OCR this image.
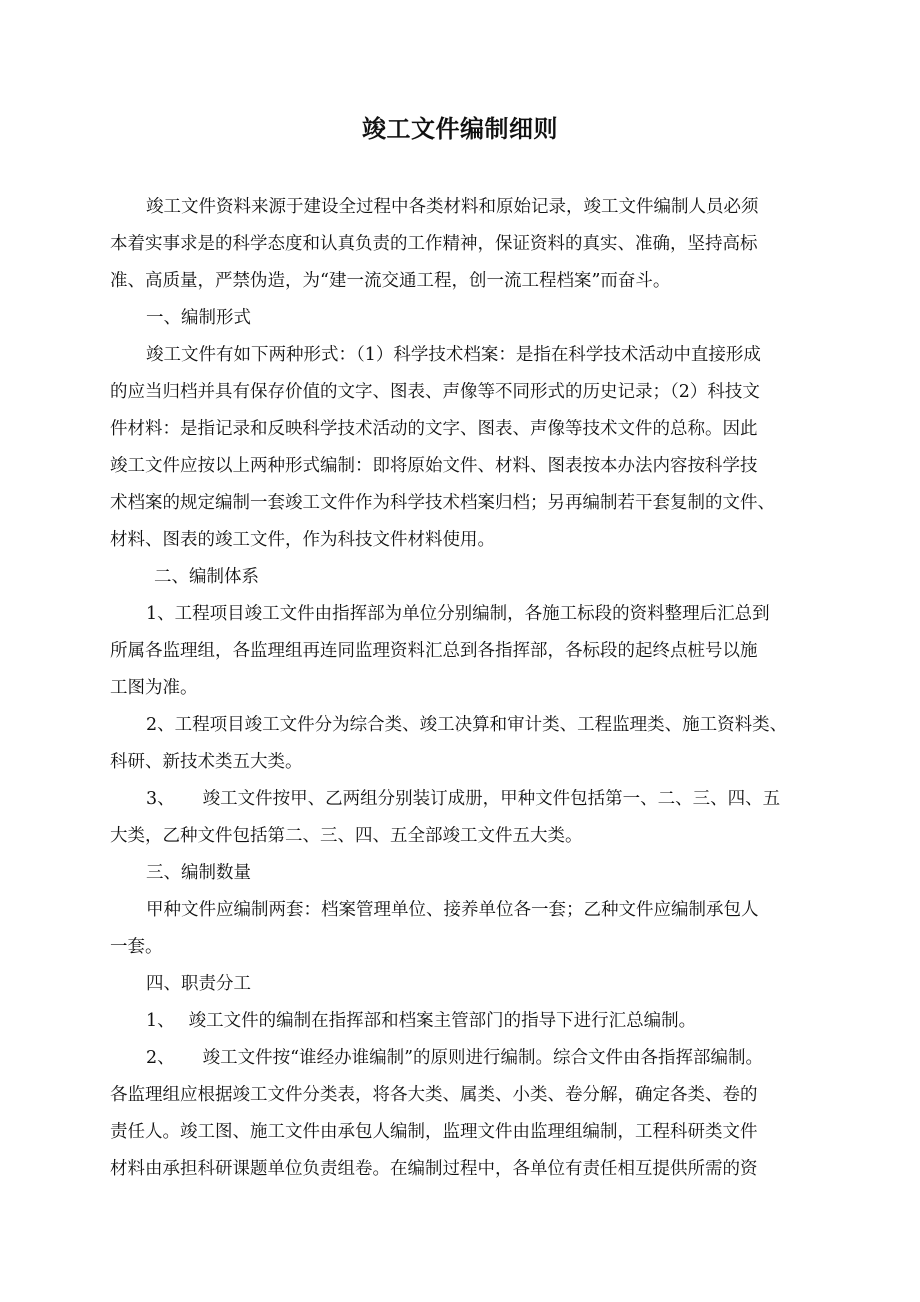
竣工文件编制细则
竣工文件资料来源于建设全过程中各类材料和原始记录，竣工文件编制人员必须
本着实事求是的科学态度和认真负责的工作精神，保证资料的真实、准确，坚持高标
准、高质量，严禁伪造，为“建一流交通工程，创一流工程档案”而奋斗。
一、编制形式
竣工文件有如下两种形式：（1）科学技术档案：是指在科学技术活动中直接形成
的应当归档并具有保存价值的文字、图表、声像等不同形式的历史记录；（2）科技文
件材料：是指记录和反映科学技术活动的文字、图表、声像等技术文件的总称。因此
竣工文件应按以上两种形式编制：即将原始文件、材料、图表按本办法内容按科学技
术档案的规定编制一套竣工文件作为科学技术档案归档；另再编制若干套复制的文件、
材料、图表的竣工文件，作为科技文件材料使用。
二、编制体系
1、工程项目竣工文件由指挥部为单位分别编制，各施工标段的资料整理后汇总到
所属各监理组，各监理组再连同监理资料汇总到各指挥部，各标段的起终点桩号以施
工图为准。
2、工程项目竣工文件分为综合类、竣工决算和审计类、工程监理类、施工资料类、
科研、新技术类五大类。
3、 竣工文件按甲、乙两组分别装订成册，甲种文件包括第一、二、三、四、五
大类，乙种文件包括第二、三、四、五全部竣工文件五大类。
三、编制数量
甲种文件应编制两套：档案管理单位、接养单位各一套；乙种文件应编制承包人
一套。
四、职责分工
1、 竣工文件的编制在指挥部和档案主管部门的指导下进行汇总编制。
2、 竣工文件按“谁经办谁编制”的原则进行编制。综合文件由各指挥部编制。
各监理组应根据竣工文件分类表，将各大类、属类、小类、卷分解，确定各类、卷的
责任人。竣工图、施工文件由承包人编制，监理文件由监理组编制，工程科研类文件
材料由承担科研课题单位负责组卷。在编制过程中，各单位有责任相互提供所需的资
